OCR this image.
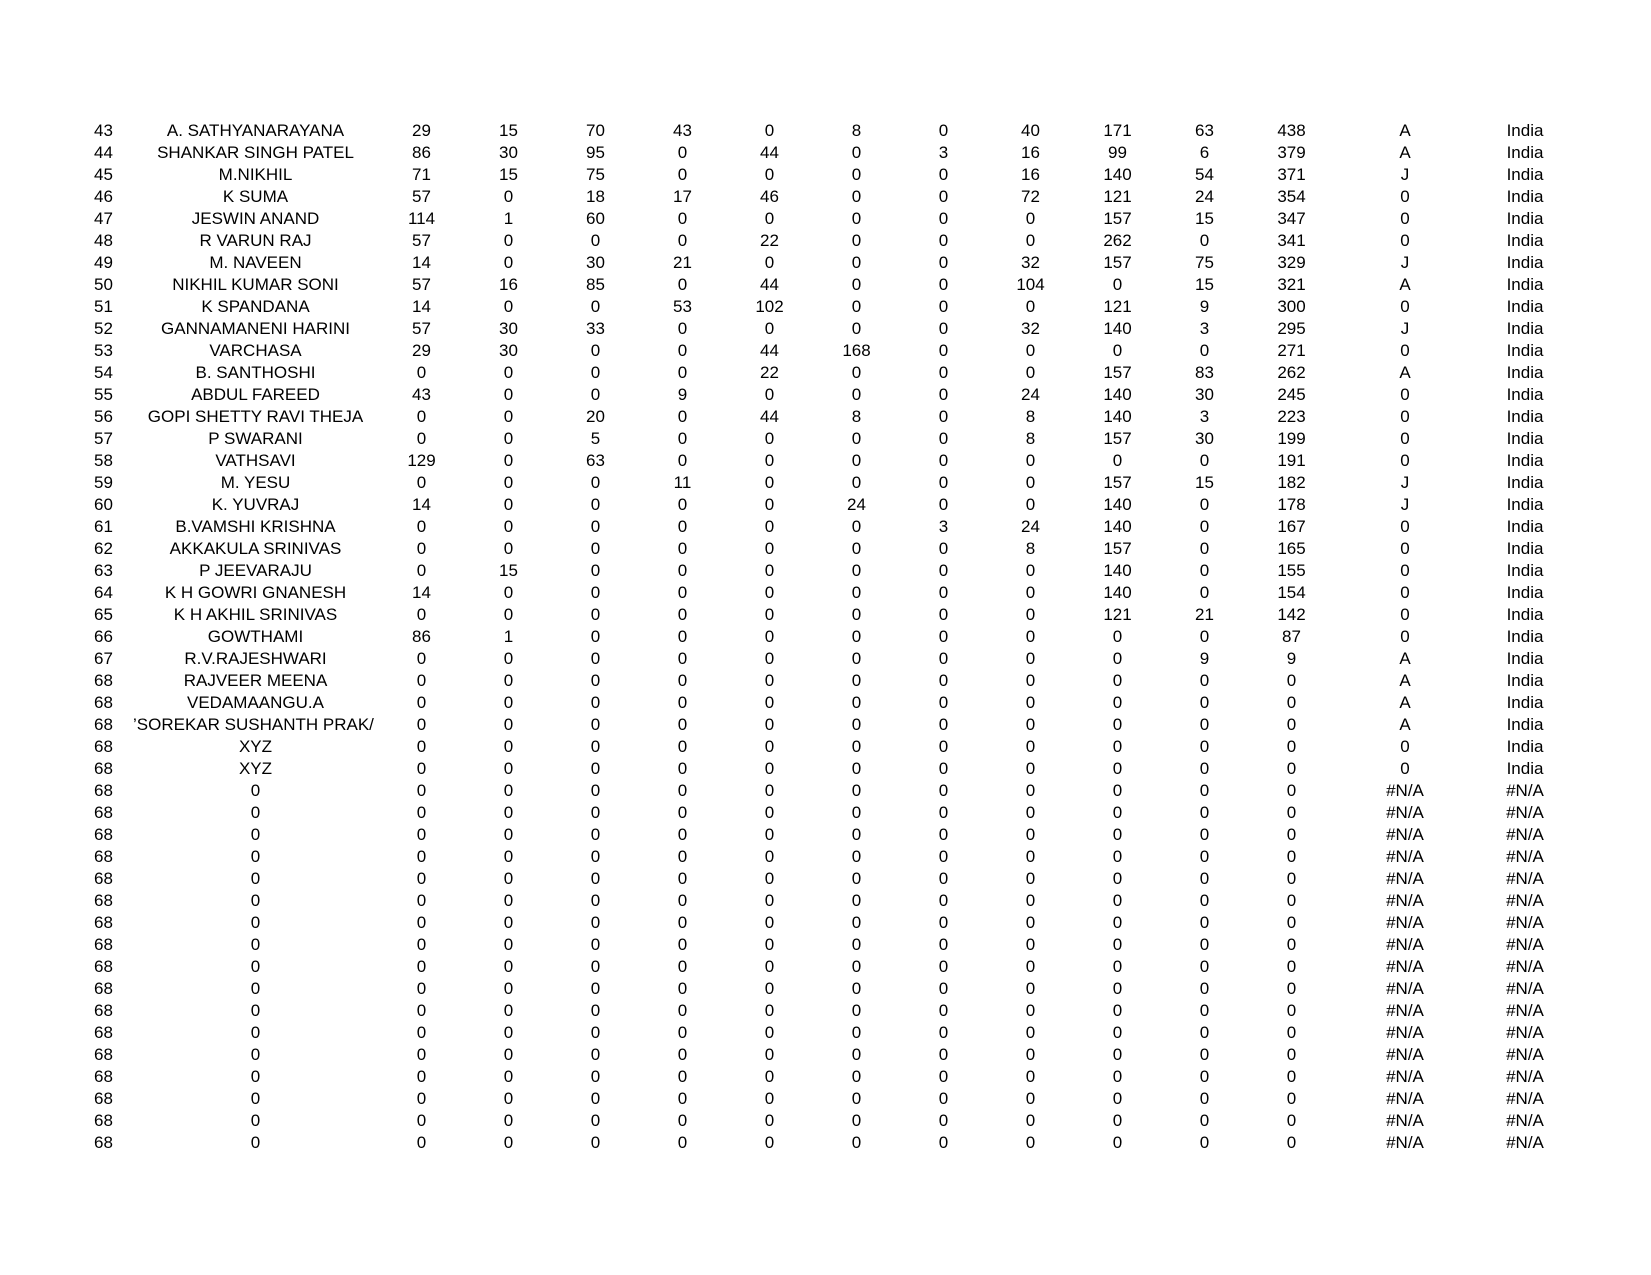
43	A. SATHYANARAYANA	29	15	70	43	0	8	0	40	171	63	438	A	India
44	SHANKAR SINGH PATEL	86	30	95	0	44	0	3	16	99	6	379	A	India
45	M.NIKHIL	71	15	75	0	0	0	0	16	140	54	371	J	India
46	K SUMA	57	0	18	17	46	0	0	72	121	24	354	0	India
47	JESWIN ANAND	114	1	60	0	0	0	0	0	157	15	347	0	India
48	R VARUN RAJ	57	0	0	0	22	0	0	0	262	0	341	0	India
49	M. NAVEEN	14	0	30	21	0	0	0	32	157	75	329	J	India
50	NIKHIL KUMAR SONI	57	16	85	0	44	0	0	104	0	15	321	A	India
51	K SPANDANA	14	0	0	53	102	0	0	0	121	9	300	0	India
52	GANNAMANENI HARINI	57	30	33	0	0	0	0	32	140	3	295	J	India
53	VARCHASA	29	30	0	0	44	168	0	0	0	0	271	0	India
54	B. SANTHOSHI	0	0	0	0	22	0	0	0	157	83	262	A	India
55	ABDUL FAREED	43	0	0	9	0	0	0	24	140	30	245	0	India
56	GOPI SHETTY RAVI THEJA	0	0	20	0	44	8	0	8	140	3	223	0	India
57	P SWARANI	0	0	5	0	0	0	0	8	157	30	199	0	India
58	VATHSAVI	129	0	63	0	0	0	0	0	0	0	191	0	India
59	M. YESU	0	0	0	11	0	0	0	0	157	15	182	J	India
60	K. YUVRAJ	14	0	0	0	0	24	0	0	140	0	178	J	India
61	B.VAMSHI KRISHNA	0	0	0	0	0	0	3	24	140	0	167	0	India
62	AKKAKULA SRINIVAS	0	0	0	0	0	0	0	8	157	0	165	0	India
63	P JEEVARAJU	0	15	0	0	0	0	0	0	140	0	155	0	India
64	K H GOWRI GNANESH	14	0	0	0	0	0	0	0	140	0	154	0	India
65	K H AKHIL SRINIVAS	0	0	0	0	0	0	0	0	121	21	142	0	India
66	GOWTHAMI	86	1	0	0	0	0	0	0	0	0	87	0	India
67	R.V.RAJESHWARI	0	0	0	0	0	0	0	0	0	9	9	A	India
68	RAJVEER MEENA	0	0	0	0	0	0	0	0	0	0	0	A	India
68	VEDAMAANGU.A	0	0	0	0	0	0	0	0	0	0	0	A	India
68	’SOREKAR SUSHANTH PRAK/	0	0	0	0	0	0	0	0	0	0	0	A	India
68	XYZ	0	0	0	0	0	0	0	0	0	0	0	0	India
68	XYZ	0	0	0	0	0	0	0	0	0	0	0	0	India
68	0	0	0	0	0	0	0	0	0	0	0	0	#N/A	#N/A
68	0	0	0	0	0	0	0	0	0	0	0	0	#N/A	#N/A
68	0	0	0	0	0	0	0	0	0	0	0	0	#N/A	#N/A
68	0	0	0	0	0	0	0	0	0	0	0	0	#N/A	#N/A
68	0	0	0	0	0	0	0	0	0	0	0	0	#N/A	#N/A
68	0	0	0	0	0	0	0	0	0	0	0	0	#N/A	#N/A
68	0	0	0	0	0	0	0	0	0	0	0	0	#N/A	#N/A
68	0	0	0	0	0	0	0	0	0	0	0	0	#N/A	#N/A
68	0	0	0	0	0	0	0	0	0	0	0	0	#N/A	#N/A
68	0	0	0	0	0	0	0	0	0	0	0	0	#N/A	#N/A
68	0	0	0	0	0	0	0	0	0	0	0	0	#N/A	#N/A
68	0	0	0	0	0	0	0	0	0	0	0	0	#N/A	#N/A
68	0	0	0	0	0	0	0	0	0	0	0	0	#N/A	#N/A
68	0	0	0	0	0	0	0	0	0	0	0	0	#N/A	#N/A
68	0	0	0	0	0	0	0	0	0	0	0	0	#N/A	#N/A
68	0	0	0	0	0	0	0	0	0	0	0	0	#N/A	#N/A
68	0	0	0	0	0	0	0	0	0	0	0	0	#N/A	#N/A
